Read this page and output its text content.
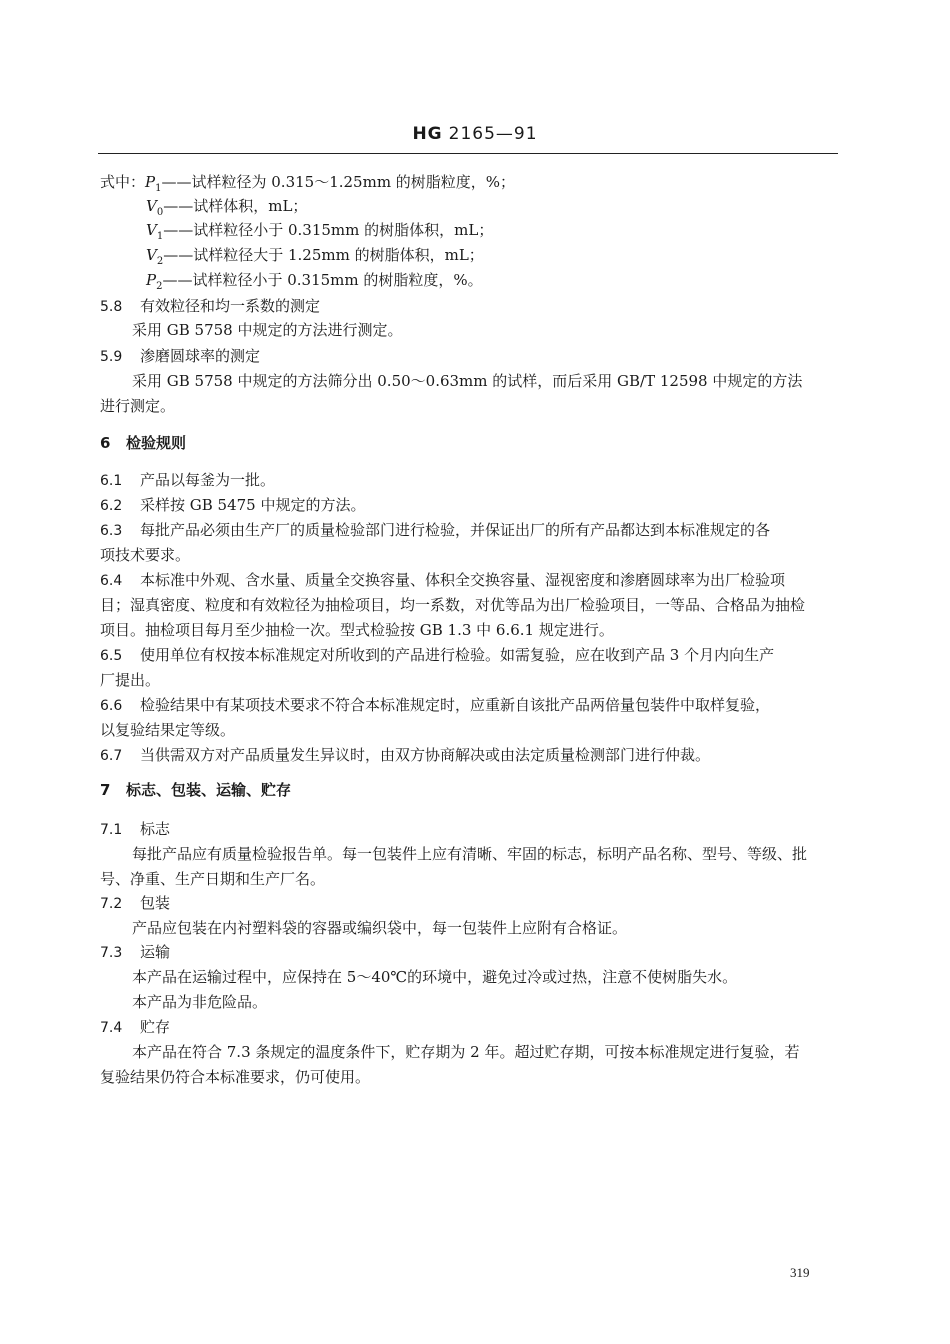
HG 2165—91
式中：$P_1——$试样粒径为 0.315～1.25mm 的树脂粒度，%；
$V_0——$试样体积，mL；
$V_1——$试样粒径小于 0.315mm 的树脂体积，mL；
$V_2——$试样粒径大于 1.25mm 的树脂体积，mL；
$P_2——$试样粒径小于 0.315mm 的树脂粒度，%。
5.8 有效粒径和均一系数的测定
采用 GB 5758 中规定的方法进行测定。
5.9 渗磨圆球率的测定
采用 GB 5758 中规定的方法筛分出 0.50～0.63mm 的试样，而后采用 GB/T 12598 中规定的方法
进行测定。
6 检验规则
6.1 产品以每釜为一批。
6.2 采样按 GB 5475 中规定的方法。
6.3 每批产品必须由生产厂的质量检验部门进行检验，并保证出厂的所有产品都达到本标准规定的各
项技术要求。
6.4 本标准中外观、含水量、质量全交换容量、体积全交换容量、湿视密度和渗磨圆球率为出厂检验项
目；湿真密度、粒度和有效粒径为抽检项目，均一系数，对优等品为出厂检验项目，一等品、合格品为抽检
项目。抽检项目每月至少抽检一次。型式检验按 GB 1.3 中 6.6.1 规定进行。
6.5 使用单位有权按本标准规定对所收到的产品进行检验。如需复验，应在收到产品 3 个月内向生产
厂提出。
6.6 检验结果中有某项技术要求不符合本标准规定时，应重新自该批产品两倍量包装件中取样复验，
以复验结果定等级。
6.7 当供需双方对产品质量发生异议时，由双方协商解决或由法定质量检测部门进行仲裁。
7 标志、包装、运输、贮存
7.1 标志
每批产品应有质量检验报告单。每一包装件上应有清晰、牢固的标志，标明产品名称、型号、等级、批
号、净重、生产日期和生产厂名。
7.2 包装
产品应包装在内衬塑料袋的容器或编织袋中，每一包装件上应附有合格证。
7.3 运输
本产品在运输过程中，应保持在 5～40℃的环境中，避免过冷或过热，注意不使树脂失水。
本产品为非危险品。
7.4 贮存
本产品在符合 7.3 条规定的温度条件下，贮存期为 2 年。超过贮存期，可按本标准规定进行复验，若
复验结果仍符合本标准要求，仍可使用。
319
